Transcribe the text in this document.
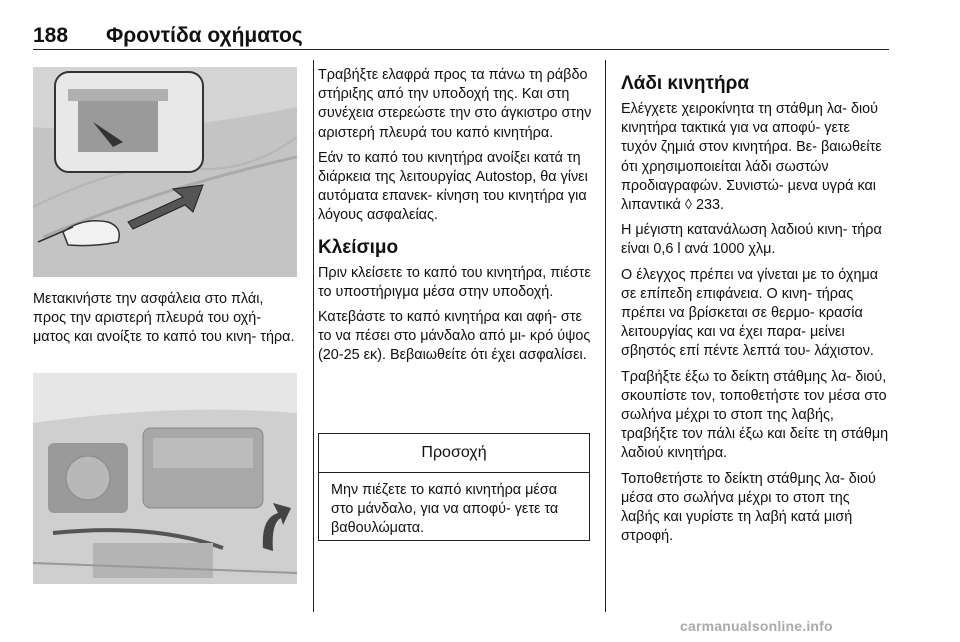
188 Φροντίδα οχήματος

Μετακινήστε την ασφάλεια στο πλάι, προς την αριστερή πλευρά του οχή- ματος και ανοίξτε το καπό του κινη- τήρα.

Τραβήξτε ελαφρά προς τα πάνω τη ράβδο στήριξης από την υποδοχή της. Και στη συνέχεια στερεώστε την στο άγκιστρο στην αριστερή πλευρά του καπό κινητήρα.

Εάν το καπό του κινητήρα ανοίξει κατά τη διάρκεια της λειτουργίας Autostop, θα γίνει αυτόματα επανεκ- κίνηση του κινητήρα για λόγους ασφαλείας.

Κλείσιμο

Πριν κλείσετε το καπό του κινητήρα, πιέστε το υποστήριγμα μέσα στην υποδοχή.

Κατεβάστε το καπό κινητήρα και αφή- στε το να πέσει στο μάνδαλο από μι- κρό ύψος (20-25 εκ). Βεβαιωθείτε ότι έχει ασφαλίσει.

Προσοχή
Μην πιέζετε το καπό κινητήρα μέσα στο μάνδαλο, για να αποφύ- γετε τα βαθουλώματα.
Λάδι κινητήρα

Ελέγχετε χειροκίνητα τη στάθμη λα- διού κινητήρα τακτικά για να αποφύ- γετε τυχόν ζημιά στον κινητήρα. Βε- βαιωθείτε ότι χρησιμοποιείται λάδι σωστών προδιαγραφών. Συνιστώ- μενα υγρά και λιπαντικά ◊ 233.

Η μέγιστη κατανάλωση λαδιού κινη- τήρα είναι 0,6 l ανά 1000 χλμ.

Ο έλεγχος πρέπει να γίνεται με το όχημα σε επίπεδη επιφάνεια. Ο κινη- τήρας πρέπει να βρίσκεται σε θερμο- κρασία λειτουργίας και να έχει παρα- μείνει σβηστός επί πέντε λεπτά του- λάχιστον.

Τραβήξτε έξω το δείκτη στάθμης λα- διού, σκουπίστε τον, τοποθετήστε τον μέσα στο σωλήνα μέχρι το στοπ της λαβής, τραβήξτε τον πάλι έξω και δείτε τη στάθμη λαδιού κινητήρα.

Τοποθετήστε το δείκτη στάθμης λα- διού μέσα στο σωλήνα μέχρι το στοπ της λαβής και γυρίστε τη λαβή κατά μισή στροφή.

carmanualsonline.info
